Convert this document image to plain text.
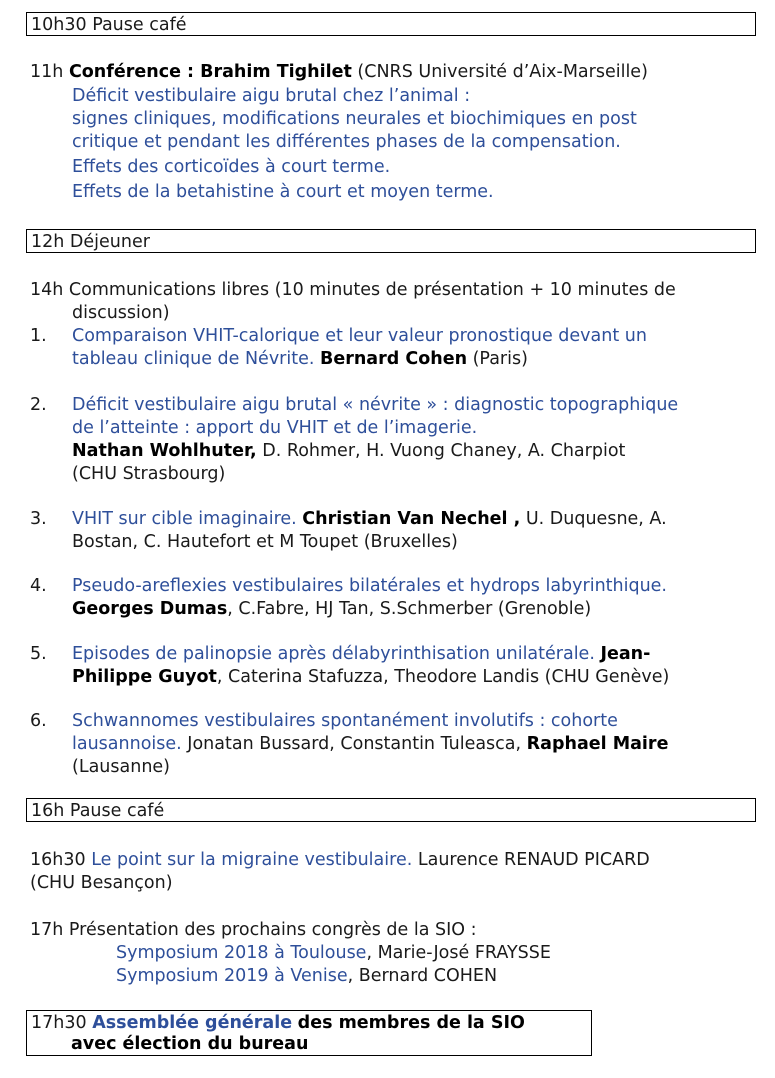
10h30 Pause café
11h Conférence : Brahim Tighilet (CNRS Université d’Aix-Marseille)
Déficit vestibulaire aigu brutal chez l’animal :
signes cliniques, modifications neurales et biochimiques en post
critique et pendant les différentes phases de la compensation.
Effets des corticoïdes à court terme.
Effets de la betahistine à court et moyen terme.
12h Déjeuner
14h Communications libres (10 minutes de présentation + 10 minutes de
discussion)
1. Comparaison VHIT-calorique et leur valeur pronostique devant un
tableau clinique de Névrite. Bernard Cohen (Paris)
2. Déficit vestibulaire aigu brutal « névrite » : diagnostic topographique
de l’atteinte : apport du VHIT et de l’imagerie.
Nathan Wohlhuter, D. Rohmer, H. Vuong Chaney, A. Charpiot
(CHU Strasbourg)
3. VHIT sur cible imaginaire. Christian Van Nechel , U. Duquesne, A.
Bostan, C. Hautefort et M Toupet (Bruxelles)
4. Pseudo-areflexies vestibulaires bilatérales et hydrops labyrinthique.
Georges Dumas, C.Fabre, HJ Tan, S.Schmerber (Grenoble)
5. Episodes de palinopsie après délabyrinthisation unilatérale. Jean-
Philippe Guyot, Caterina Stafuzza, Theodore Landis (CHU Genève)
6. Schwannomes vestibulaires spontanément involutifs : cohorte
lausannoise. Jonatan Bussard, Constantin Tuleasca, Raphael Maire
(Lausanne)
16h Pause café
16h30 Le point sur la migraine vestibulaire. Laurence RENAUD PICARD
(CHU Besançon)
17h Présentation des prochains congrès de la SIO :
Symposium 2018 à Toulouse, Marie-José FRAYSSE
Symposium 2019 à Venise, Bernard COHEN
17h30 Assemblée générale des membres de la SIO
avec élection du bureau
